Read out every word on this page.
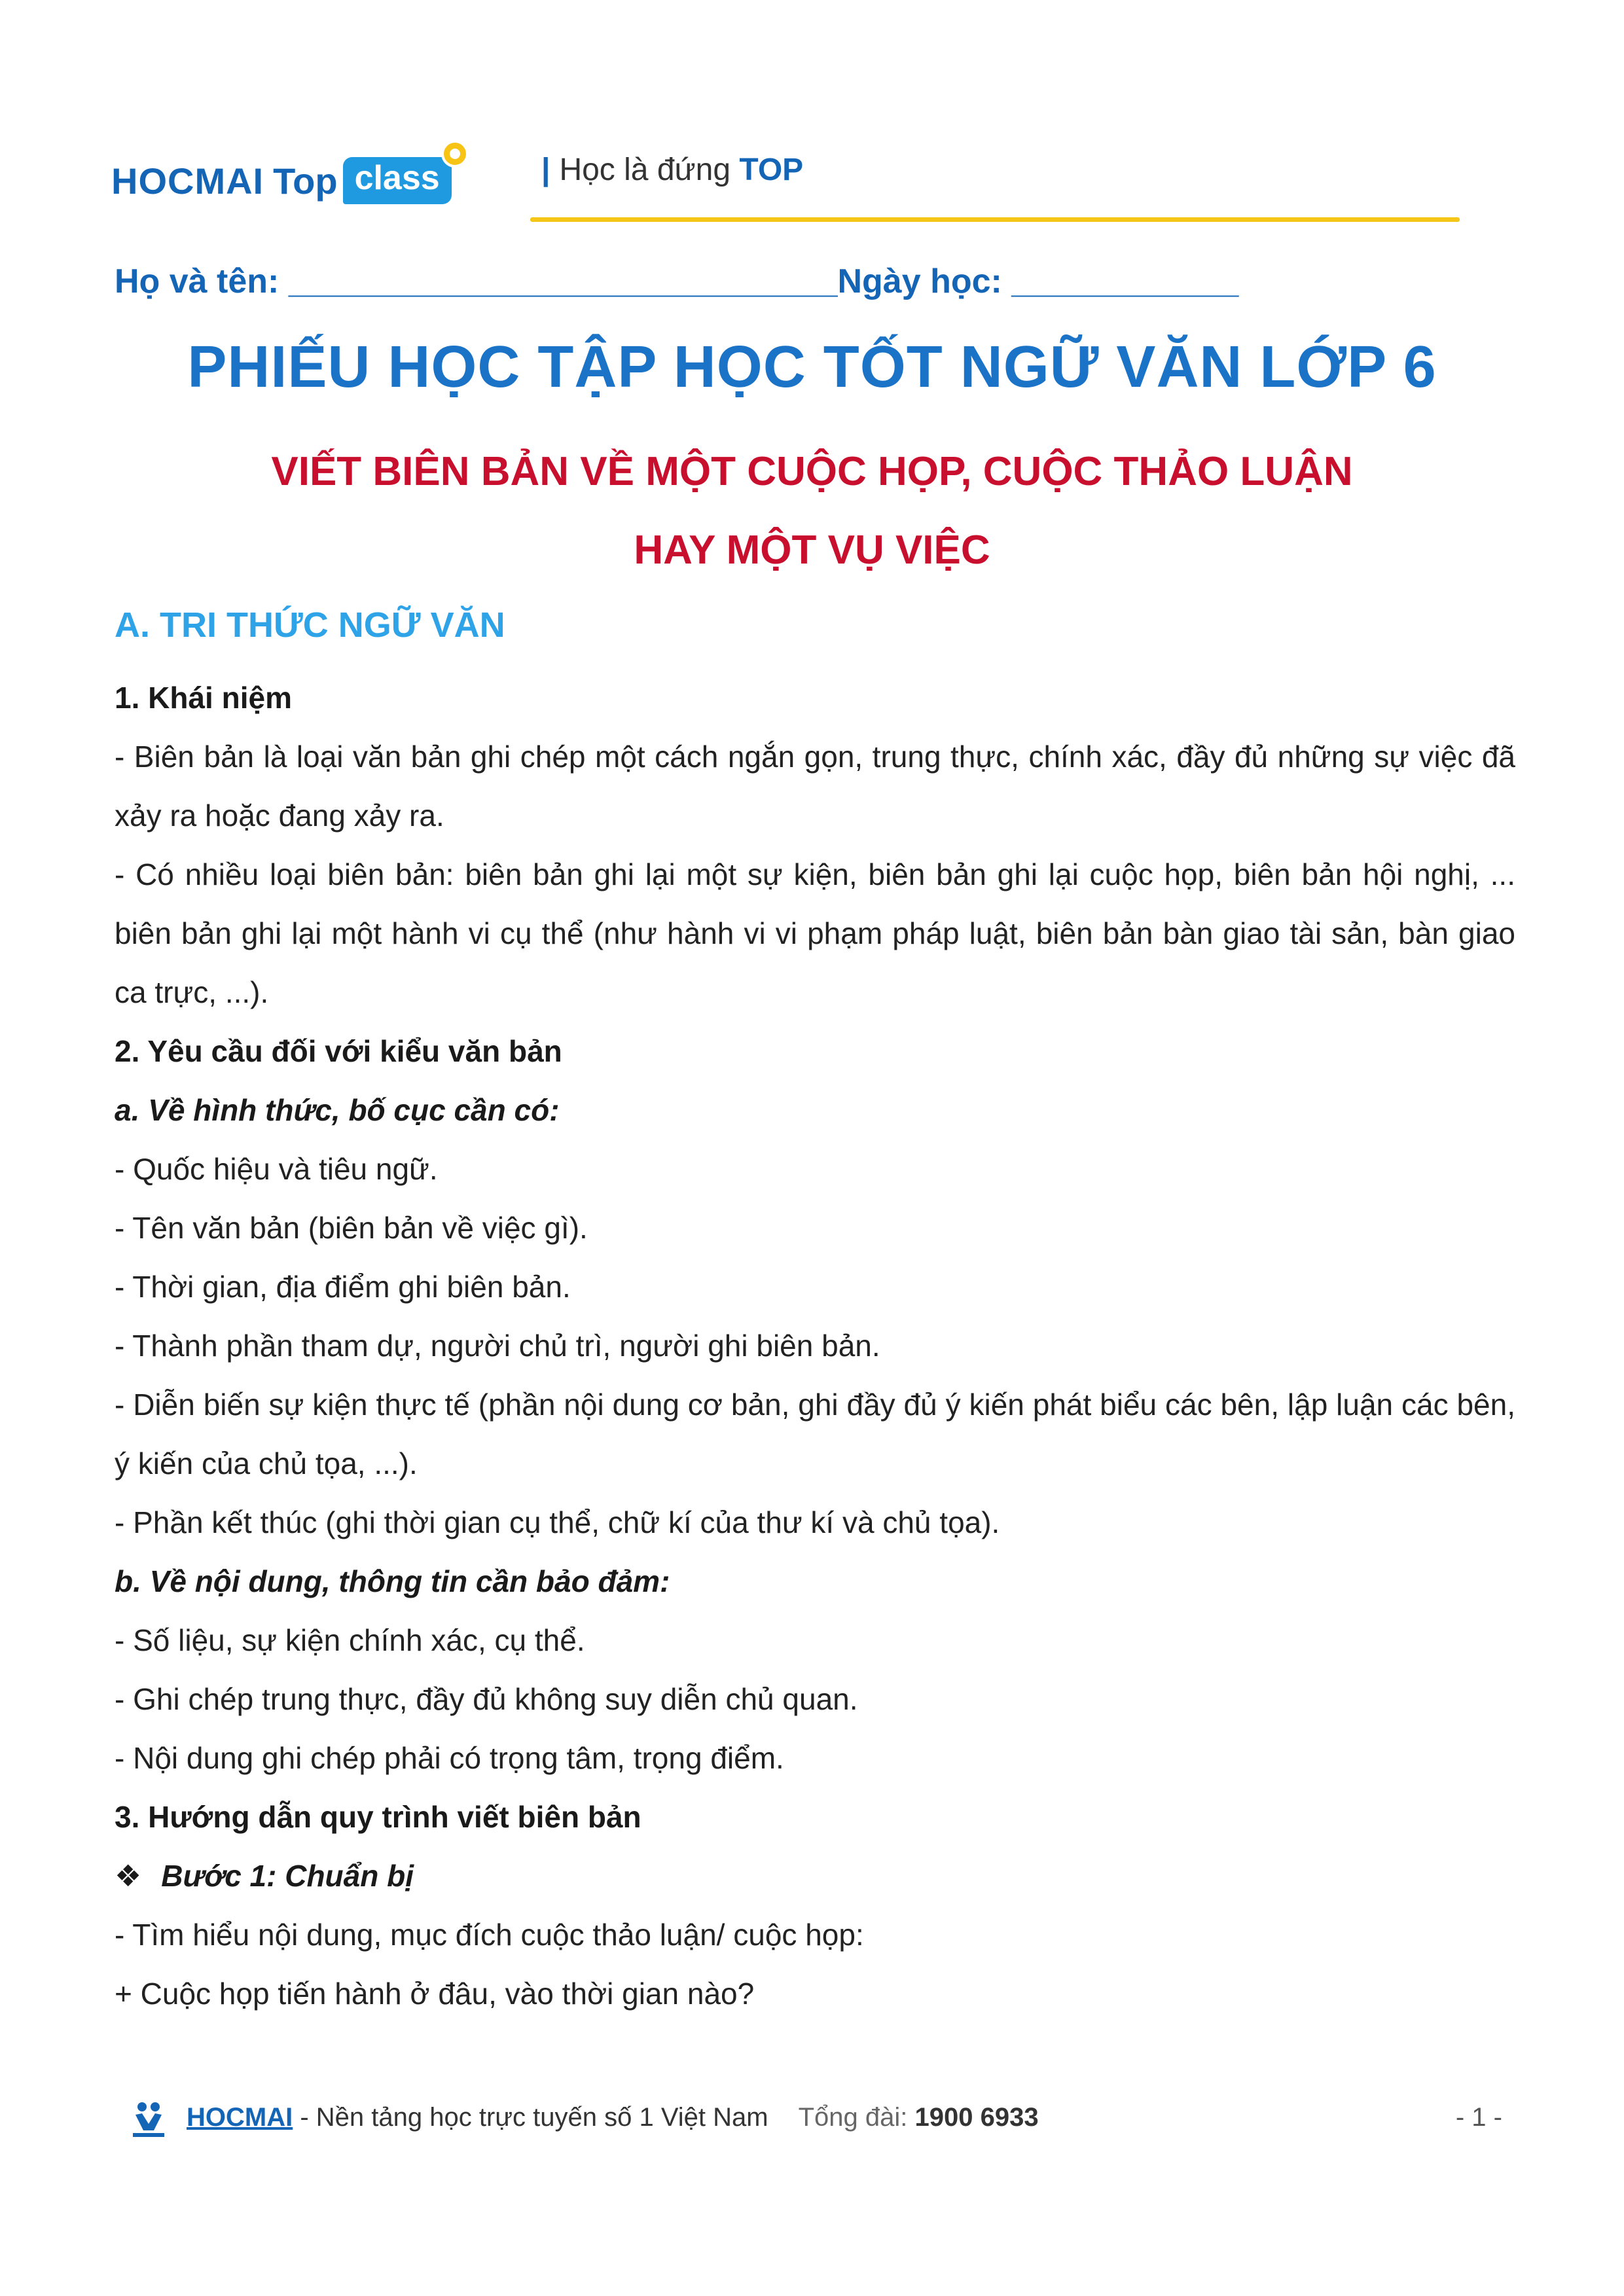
HOCMAI Top class	| Học là đứng TOP
Họ và tên: _____________________________Ngày học: ____________
PHIẾU HỌC TẬP HỌC TỐT NGỮ VĂN LỚP 6
VIẾT BIÊN BẢN VỀ MỘT CUỘC HỌP, CUỘC THẢO LUẬN
HAY MỘT VỤ VIỆC

A. TRI THỨC NGỮ VĂN

1. Khái niệm

- Biên bản là loại văn bản ghi chép một cách ngắn gọn, trung thực, chính xác, đầy đủ những sự việc đã xảy ra hoặc đang xảy ra.

- Có nhiều loại biên bản: biên bản ghi lại một sự kiện, biên bản ghi lại cuộc họp, biên bản hội nghị, ... biên bản ghi lại một hành vi cụ thể (như hành vi vi phạm pháp luật, biên bản bàn giao tài sản, bàn giao ca trực, ...).

2. Yêu cầu đối với kiểu văn bản

a. Về hình thức, bố cục cần có:

- Quốc hiệu và tiêu ngữ.

- Tên văn bản (biên bản về việc gì).

- Thời gian, địa điểm ghi biên bản.

- Thành phần tham dự, người chủ trì, người ghi biên bản.

- Diễn biến sự kiện thực tế (phần nội dung cơ bản, ghi đầy đủ ý kiến phát biểu các bên, lập luận các bên, ý kiến của chủ tọa, ...).

- Phần kết thúc (ghi thời gian cụ thể, chữ kí của thư kí và chủ tọa).

b. Về nội dung, thông tin cần bảo đảm:

- Số liệu, sự kiện chính xác, cụ thể.

- Ghi chép trung thực, đầy đủ không suy diễn chủ quan.

- Nội dung ghi chép phải có trọng tâm, trọng điểm.

3. Hướng dẫn quy trình viết biên bản

❖ Bước 1: Chuẩn bị

- Tìm hiểu nội dung, mục đích cuộc thảo luận/ cuộc họp:

+ Cuộc họp tiến hành ở đâu, vào thời gian nào?

HOCMAI - Nền tảng học trực tuyến số 1 Việt Nam Tổng đài: 1900 6933	- 1 -
